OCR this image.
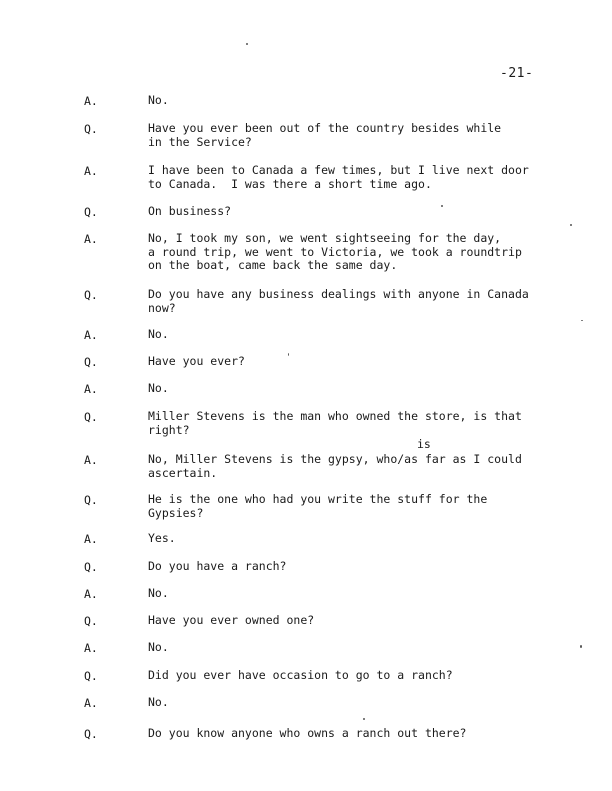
-21-
A.	No.
Q.	Have you ever been out of the country besides while
in the Service?
A.	I have been to Canada a few times, but I live next door
to Canada.  I was there a short time ago.
Q.	On business?
A.	No, I took my son, we went sightseeing for the day,
a round trip, we went to Victoria, we took a roundtrip
on the boat, came back the same day.
Q.	Do you have any business dealings with anyone in Canada
now?
A.	No.
Q.	Have you ever?
A.	No.
Q.	Miller Stevens is the man who owned the store, is that
right?
is
A.	No, Miller Stevens is the gypsy, who/as far as I could
ascertain.
Q.	He is the one who had you write the stuff for the
Gypsies?
A.	Yes.
Q.	Do you have a ranch?
A.	No.
Q.	Have you ever owned one?
A.	No.
Q.	Did you ever have occasion to go to a ranch?
A.	No.
Q.	Do you know anyone who owns a ranch out there?
